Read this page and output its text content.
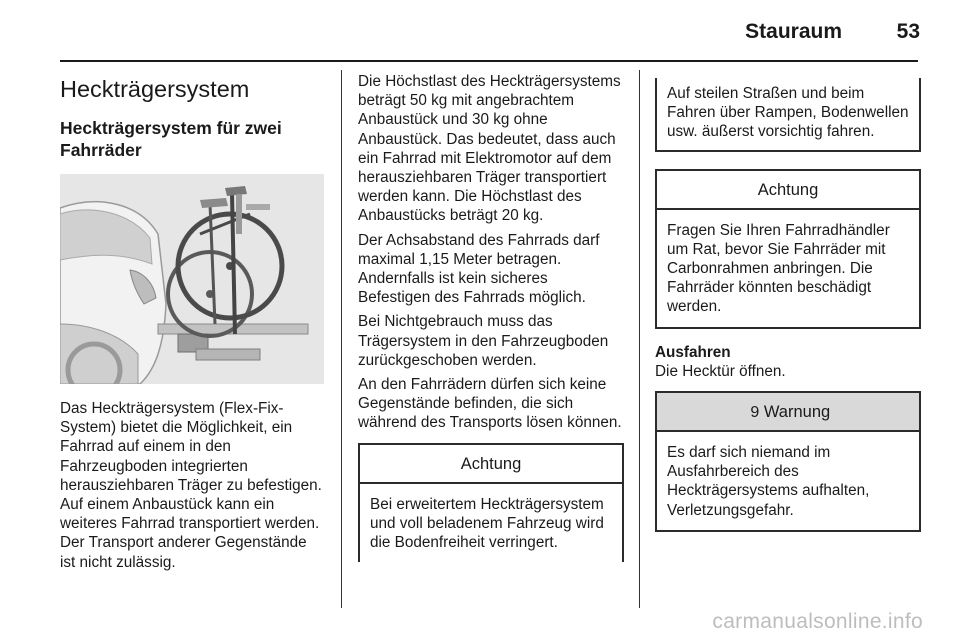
Stauraum	53
Heckträgersystem
Heckträgersystem für zwei
Fahrräder

Das Heckträgersystem (Flex-Fix-System) bietet die Möglichkeit, ein Fahrrad auf einem in den Fahrzeugboden integrierten herausziehbaren Träger zu befestigen. Auf einem Anbaustück kann ein weiteres Fahrrad transportiert werden. Der Transport anderer Gegenstände ist nicht zulässig.

Die Höchstlast des Heckträgersystems beträgt 50 kg mit angebrachtem Anbaustück und 30 kg ohne Anbaustück. Das bedeutet, dass auch ein Fahrrad mit Elektromotor auf dem herausziehbaren Träger transportiert werden kann. Die Höchstlast des Anbaustücks beträgt 20 kg.

Der Achsabstand des Fahrrads darf maximal 1,15 Meter betragen. Andernfalls ist kein sicheres Befestigen des Fahrrads möglich.

Bei Nichtgebrauch muss das Trägersystem in den Fahrzeugboden zurückgeschoben werden.

An den Fahrrädern dürfen sich keine Gegenstände befinden, die sich während des Transports lösen können.

Achtung
Bei erweitertem Heckträgersystem und voll beladenem Fahrzeug wird die Bodenfreiheit verringert.
Auf steilen Straßen und beim Fahren über Rampen, Bodenwellen usw. äußerst vorsichtig fahren.
Achtung
Fragen Sie Ihren Fahrradhändler um Rat, bevor Sie Fahrräder mit Carbonrahmen anbringen. Die Fahrräder könnten beschädigt werden.
Ausfahren
Die Hecktür öffnen.
9 Warnung
Es darf sich niemand im Ausfahrbereich des Heckträgersystems aufhalten, Verletzungsgefahr.
carmanualsonline.info
